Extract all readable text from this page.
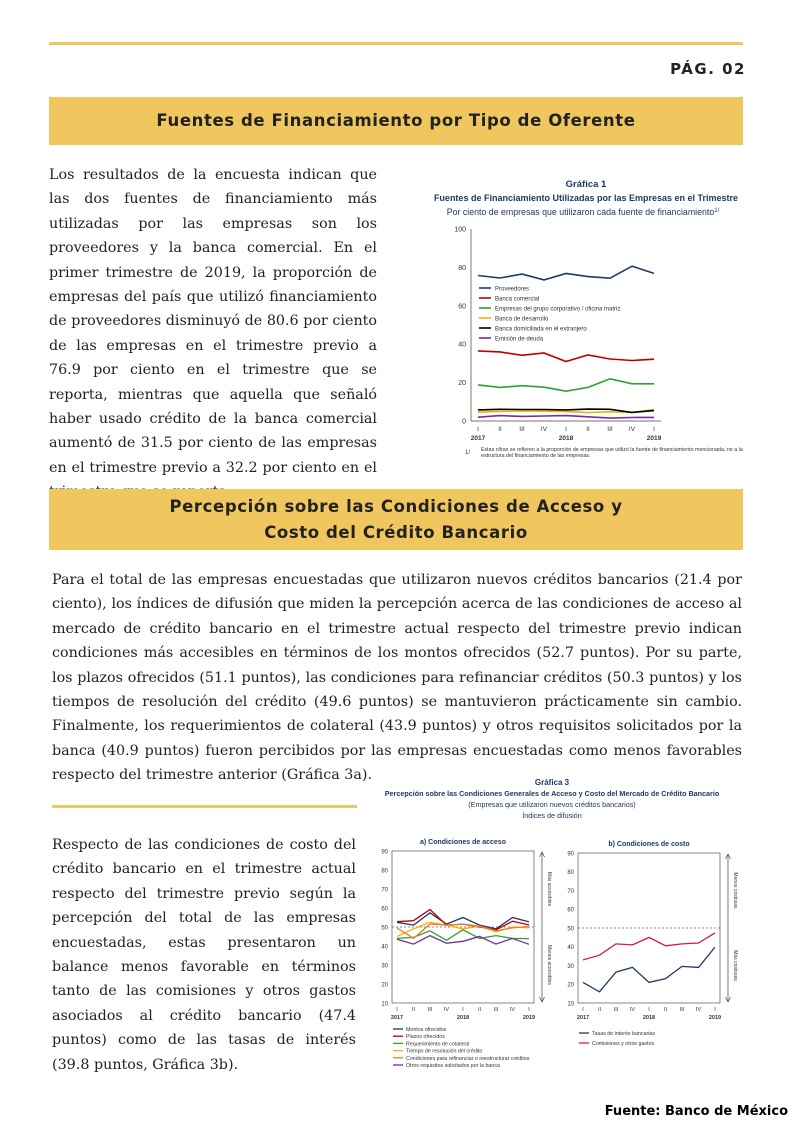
PÁG. 02
Fuentes de Financiamiento por Tipo de Oferente

Los resultados de la encuesta indican que las dos fuentes de financiamiento más utilizadas por las empresas son los proveedores y la banca comercial. En el primer trimestre de 2019, la proporción de empresas del país que utilizó financiamiento de proveedores disminuyó de 80.6 por ciento de las empresas en el trimestre previo a 76.9 por ciento en el trimestre que se reporta, mientras que aquella que señaló haber usado crédito de la banca comercial aumentó de 31.5 por ciento de las empresas en el trimestre previo a 32.2 por ciento en el

Gráfica 1
Fuentes de Financiamiento Utilizadas por las Empresas en el Trimestre
Por ciento de empresas que utilizaron cada fuente de financiamiento$^{1/}$
0
20
40
60
80
100
I	II	III IV	I	II	III IV	I
2017	2018	2019
Proveedores
Banca comercial
Empresas del grupo corporativo / oficina matriz
Banca de desarrollo
Banca domiciliada en el extranjero
Emisión de deuda
1/ Estas cifras se refieren a la proporción de empresas que utilizó la fuente de financiamiento mencionada, no a la estructura del financiamiento de las empresas.
Percepción sobre las Condiciones de Acceso y
Costo del Crédito Bancario

Para el total de las empresas encuestadas que utilizaron nuevos créditos bancarios (21.4 por ciento), los índices de difusión que miden la percepción acerca de las condiciones de acceso al mercado de crédito bancario en el trimestre actual respecto del trimestre previo indican condiciones más accesibles en términos de los montos ofrecidos (52.7 puntos). Por su parte, los plazos ofrecidos (51.1 puntos), las condiciones para refinanciar créditos (50.3 puntos) y los tiempos de resolución del crédito (49.6 puntos) se mantuvieron prácticamente sin cambio. Finalmente, los requerimientos de colateral (43.9 puntos) y otros requisitos solicitados por la banca (40.9 puntos) fueron percibidos por las empresas encuestadas como menos favorables respecto del trimestre anterior (Gráfica 3a).

Respecto de las condiciones de costo del crédito bancario en el trimestre actual respecto del trimestre previo según la percepción del total de las empresas encuestadas, estas presentaron un balance menos favorable en términos tanto de las comisiones y otros gastos asociados al crédito bancario (47.4 puntos) como de las tasas de interés (39.8 puntos, Gráfica 3b).

Gráfica 3
Percepción sobre las Condiciones Generales de Acceso y Costo del Mercado de Crédito Bancario
(Empresas que utilizaron nuevos créditos bancarios)
Índices de difusión
a) Condiciones de acceso
10
20
30
40
50
60
70
80
90
I	II III IV I	II III IV I
2017	2018	2019
Más accesibles
Menos accesibles
Montos ofrecidos
Plazos ofrecidos
Requerimiento de colateral
Tiempo de resolución del crédito
Condiciones para refinanciar o reestructurar créditos
Otros requisitos solicitados por la banca
b) Condiciones de costo
10
20
30
40
50
60
70
80
90
I	II III IV I	II III IV I
2017	2018	2019
Menos costosas
Más costosas
Tasas de interés bancarias
Comisiones y otros gastos
Fuente: Banco de México
